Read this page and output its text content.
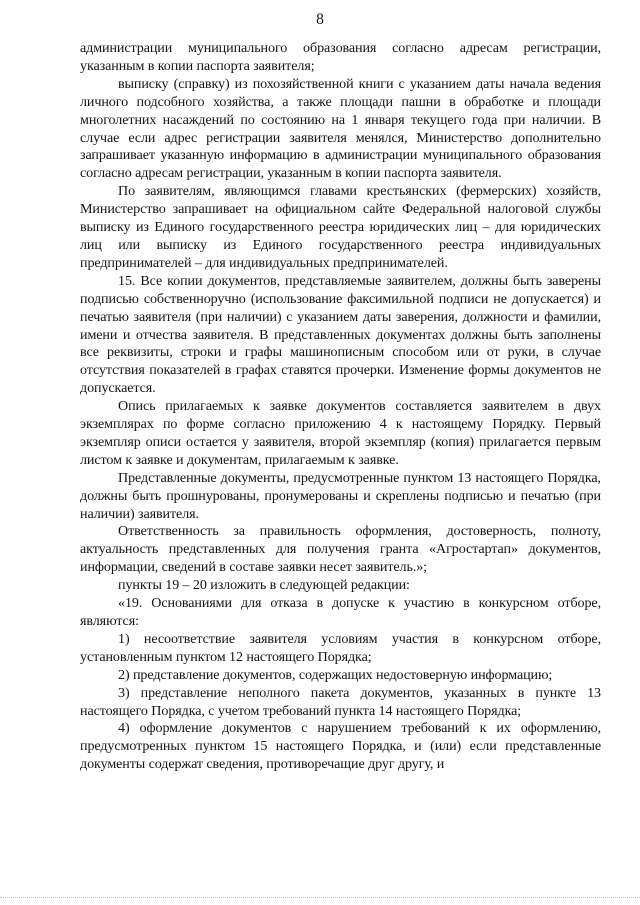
8

администрации муниципального образования согласно адресам регистрации, указанным в копии паспорта заявителя;

выписку (справку) из похозяйственной книги с указанием даты начала ведения личного подсобного хозяйства, а также площади пашни в обработке и площади многолетних насаждений по состоянию на 1 января текущего года при наличии. В случае если адрес регистрации заявителя менялся, Министерство дополнительно запрашивает указанную информацию в администрации муниципального образования согласно адресам регистрации, указанным в копии паспорта заявителя.

По заявителям, являющимся главами крестьянских (фермерских) хозяйств, Министерство запрашивает на официальном сайте Федеральной налоговой службы выписку из Единого государственного реестра юридических лиц – для юридических лиц или выписку из Единого государственного реестра индивидуальных предпринимателей – для индивидуальных предпринимателей.

15. Все копии документов, представляемые заявителем, должны быть заверены подписью собственноручно (использование факсимильной подписи не допускается) и печатью заявителя (при наличии) с указанием даты заверения, должности и фамилии, имени и отчества заявителя. В представленных документах должны быть заполнены все реквизиты, строки и графы машинописным способом или от руки, в случае отсутствия показателей в графах ставятся прочерки. Изменение формы документов не допускается.

Опись прилагаемых к заявке документов составляется заявителем в двух экземплярах по форме согласно приложению 4 к настоящему Порядку. Первый экземпляр описи остается у заявителя, второй экземпляр (копия) прилагается первым листом к заявке и документам, прилагаемым к заявке.

Представленные документы, предусмотренные пунктом 13 настоящего Порядка, должны быть прошнурованы, пронумерованы и скреплены подписью и печатью (при наличии) заявителя.

Ответственность за правильность оформления, достоверность, полноту, актуальность представленных для получения гранта «Агростартап» документов, информации, сведений в составе заявки несет заявитель.»;

пункты 19 – 20 изложить в следующей редакции:

«19. Основаниями для отказа в допуске к участию в конкурсном отборе, являются:

1) несоответствие заявителя условиям участия в конкурсном отборе, установленным пунктом 12 настоящего Порядка;

2) представление документов, содержащих недостоверную информацию;

3) представление неполного пакета документов, указанных в пункте 13 настоящего Порядка, с учетом требований пункта 14 настоящего Порядка;

4) оформление документов с нарушением требований к их оформлению, предусмотренных пунктом 15 настоящего Порядка, и (или) если представленные документы содержат сведения, противоречащие друг другу, и
